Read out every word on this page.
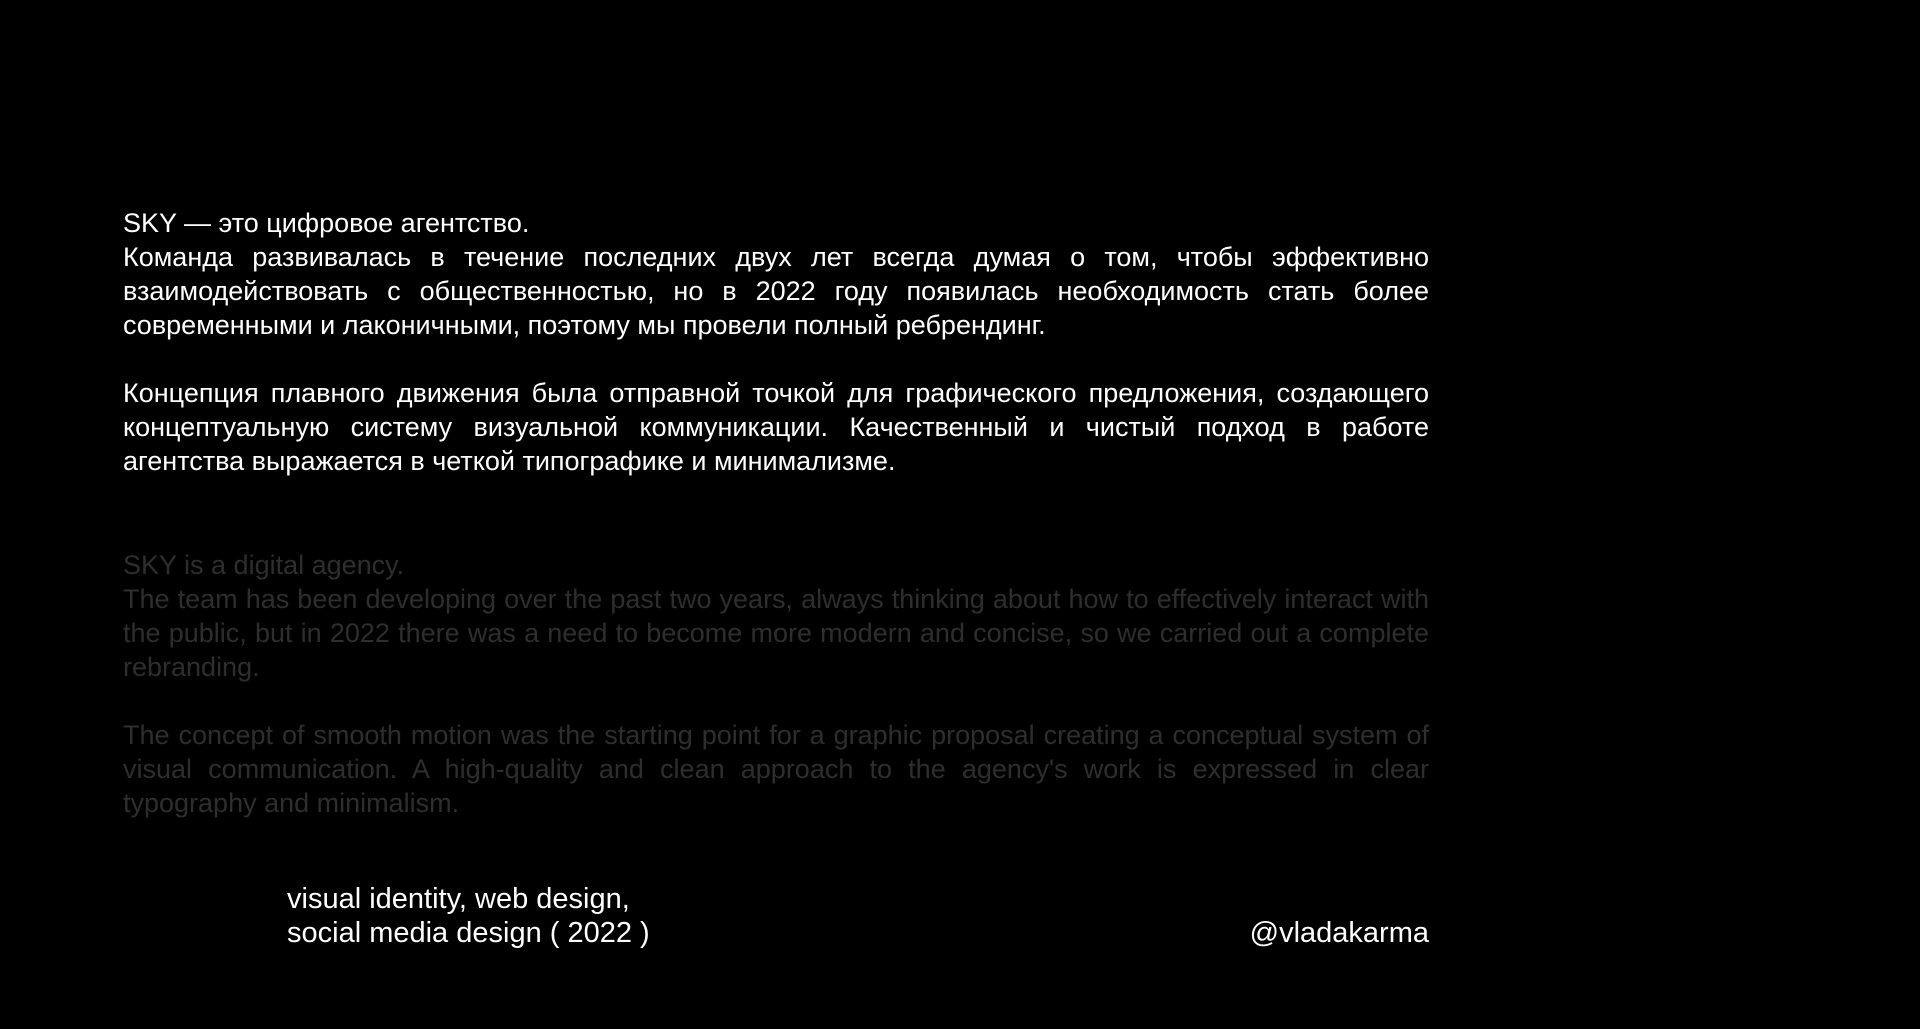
SKY — это цифровое агентство.

Команда развивалась в течение последних двух лет всегда думая о том, чтобы эффективно взаимодействовать с общественностью, но в 2022 году появилась необходимость стать более современными и лаконичными, поэтому мы провели полный ребрендинг.

Концепция плавного движения была отправной точкой для графического предложения, создающего концептуальную систему визуальной коммуникации. Качественный и чистый подход в работе агентства выражается в четкой типографике и минимализме.

SKY is a digital agency.

The team has been developing over the past two years, always thinking about how to effectively interact with the public, but in 2022 there was a need to become more modern and concise, so we carried out a complete rebranding.

The concept of smooth motion was the starting point for a graphic proposal creating a conceptual system of visual communication. A high-quality and clean approach to the agency's work is expressed in clear typography and minimalism.

visual identity, web design,
social media design ( 2022 )	@vladakarma
